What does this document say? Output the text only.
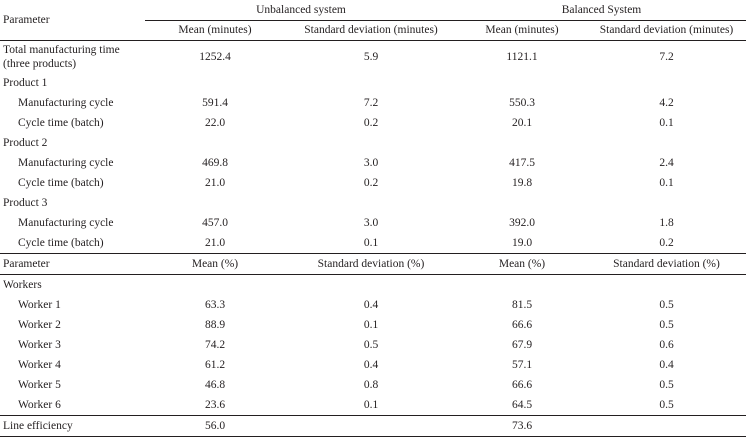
Parameter	Unbalanced system		Balanced System	
	Mean (minutes)	Standard deviation (minutes)	Mean (minutes)	Standard deviation (minutes)
Total manufacturing time
(three products)	1252.4	5.9	1121.1	7.2
Product 1				
Manufacturing cycle	591.4	7.2	550.3	4.2
Cycle time (batch)	22.0	0.2	20.1	0.1
Product 2				
Manufacturing cycle	469.8	3.0	417.5	2.4
Cycle time (batch)	21.0	0.2	19.8	0.1
Product 3				
Manufacturing cycle	457.0	3.0	392.0	1.8
Cycle time (batch)	21.0	0.1	19.0	0.2
Parameter	Mean (%)	Standard deviation (%)	Mean (%)	Standard deviation (%)
Workers				
Worker 1	63.3	0.4	81.5	0.5
Worker 2	88.9	0.1	66.6	0.5
Worker 3	74.2	0.5	67.9	0.6
Worker 4	61.2	0.4	57.1	0.4
Worker 5	46.8	0.8	66.6	0.5
Worker 6	23.6	0.1	64.5	0.5
Line efficiency	56.0		73.6	
